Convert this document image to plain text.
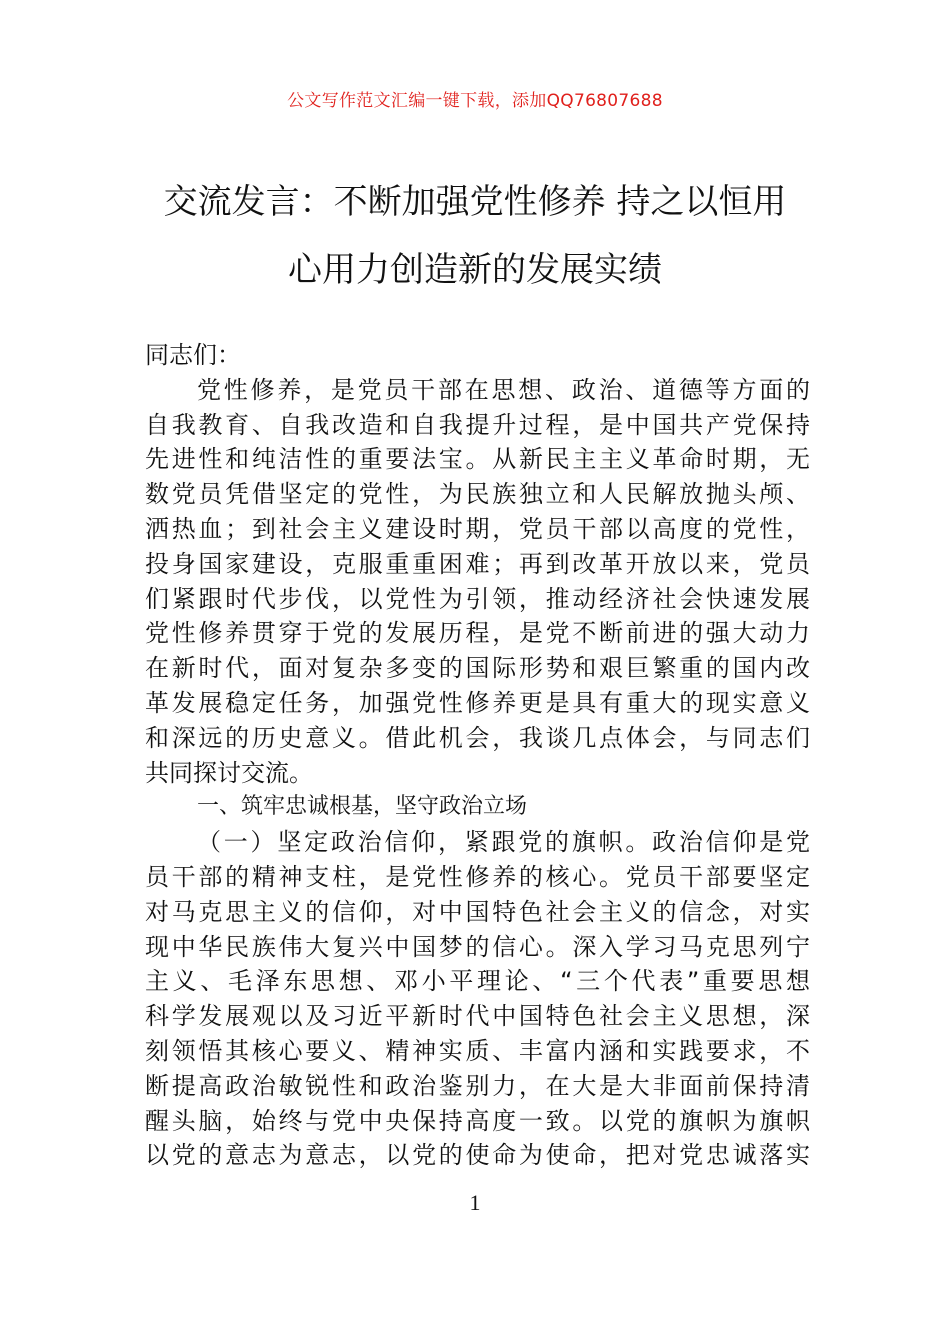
公文写作范文汇编一键下载，添加QQ76807688
交流发言：不断加强党性修养 持之以恒用
心用力创造新的发展实绩
同志们：
党性修养，是党员干部在思想、政治、道德等方面的
自我教育、自我改造和自我提升过程，是中国共产党保持
先进性和纯洁性的重要法宝。从新民主主义革命时期，无
数党员凭借坚定的党性，为民族独立和人民解放抛头颅、
洒热血；到社会主义建设时期，党员干部以高度的党性，
投身国家建设，克服重重困难；再到改革开放以来，党员
们紧跟时代步伐，以党性为引领，推动经济社会快速发展
党性修养贯穿于党的发展历程，是党不断前进的强大动力
在新时代，面对复杂多变的国际形势和艰巨繁重的国内改
革发展稳定任务，加强党性修养更是具有重大的现实意义
和深远的历史意义。借此机会，我谈几点体会，与同志们
共同探讨交流。
一、筑牢忠诚根基，坚守政治立场
（一）坚定政治信仰，紧跟党的旗帜。政治信仰是党
员干部的精神支柱，是党性修养的核心。党员干部要坚定
对马克思主义的信仰，对中国特色社会主义的信念，对实
现中华民族伟大复兴中国梦的信心。深入学习马克思列宁
主义、毛泽东思想、邓小平理论、“三个代表”重要思想
科学发展观以及习近平新时代中国特色社会主义思想，深
刻领悟其核心要义、精神实质、丰富内涵和实践要求，不
断提高政治敏锐性和政治鉴别力，在大是大非面前保持清
醒头脑，始终与党中央保持高度一致。以党的旗帜为旗帜
以党的意志为意志，以党的使命为使命，把对党忠诚落实
1
